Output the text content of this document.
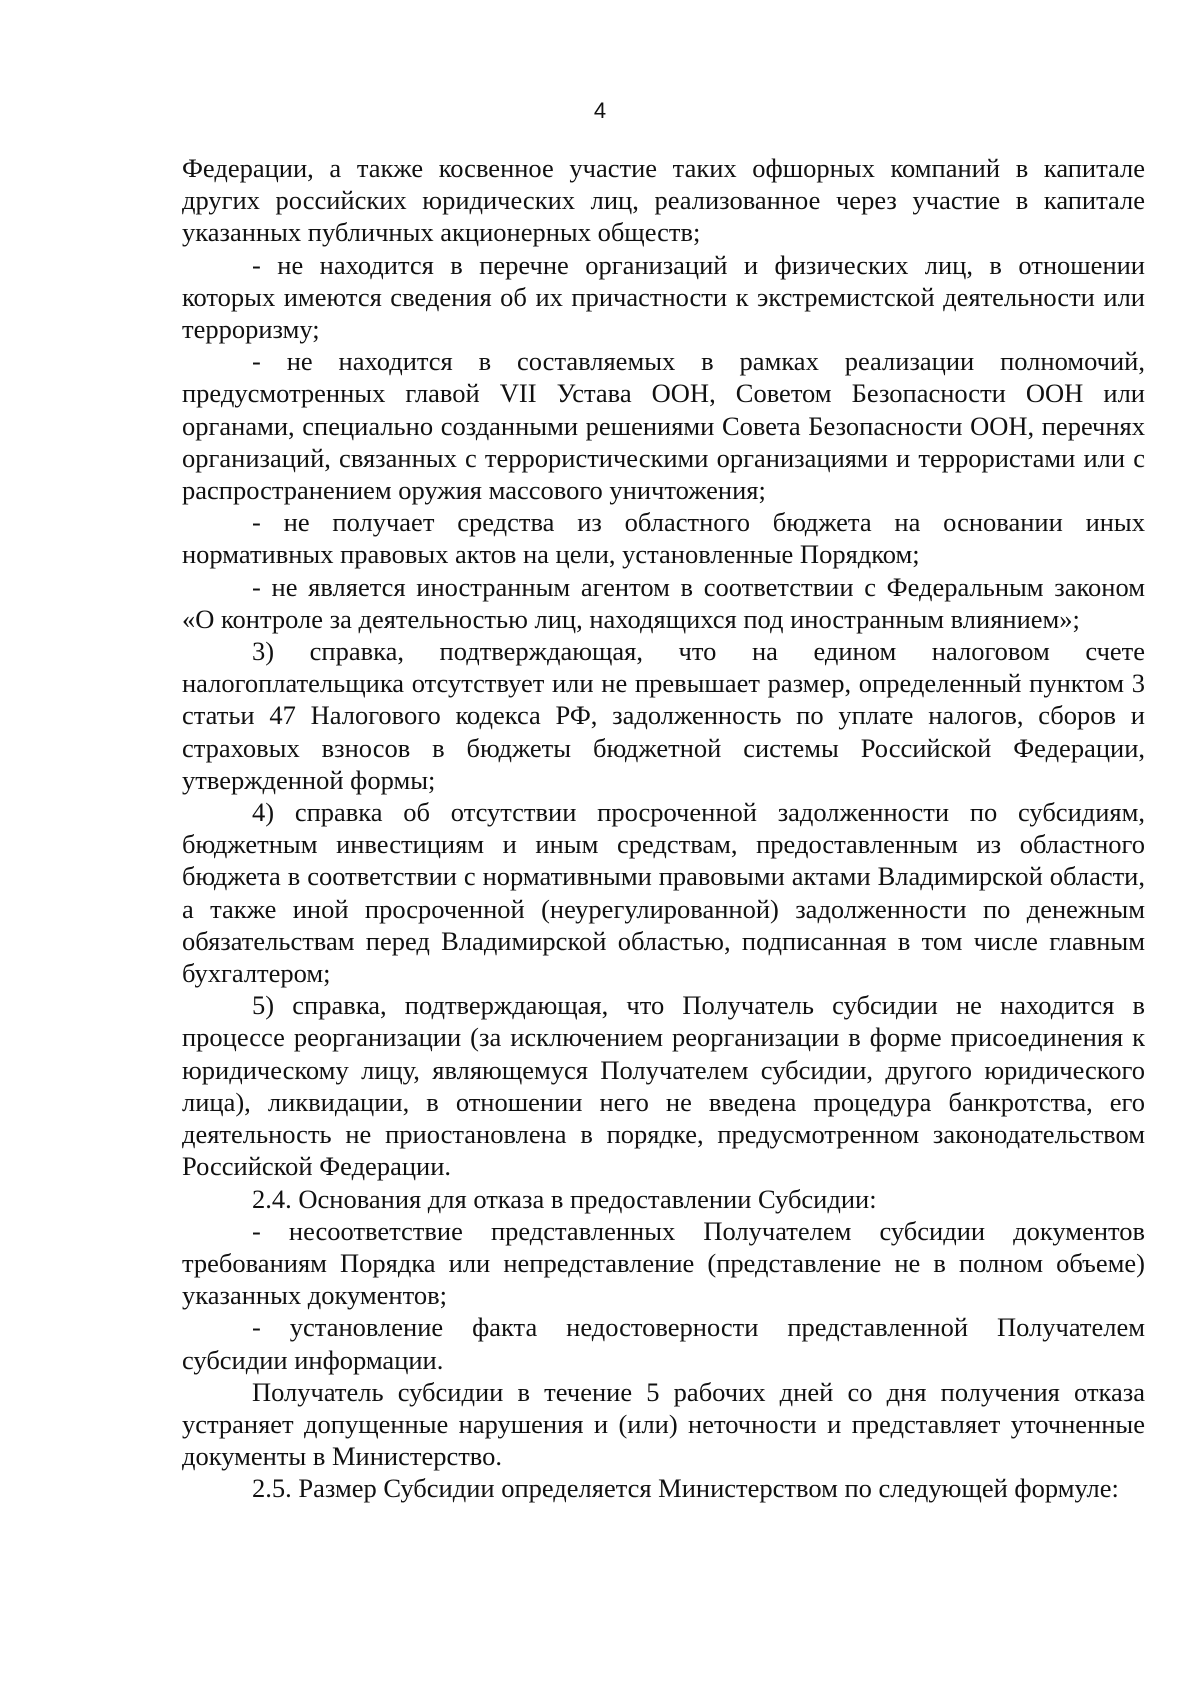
4

Федерации, а также косвенное участие таких офшорных компаний в капитале других российских юридических лиц, реализованное через участие в капитале указанных публичных акционерных обществ;

- не находится в перечне организаций и физических лиц, в отношении которых имеются сведения об их причастности к экстремистской деятельности или терроризму;

- не находится в составляемых в рамках реализации полномочий, предусмотренных главой VII Устава ООН, Советом Безопасности ООН или органами, специально созданными решениями Совета Безопасности ООН, перечнях организаций, связанных с террористическими организациями и террористами или с распространением оружия массового уничтожения;

- не получает средства из областного бюджета на основании иных нормативных правовых актов на цели, установленные Порядком;

- не является иностранным агентом в соответствии с Федеральным законом «О контроле за деятельностью лиц, находящихся под иностранным влиянием»;

3) справка, подтверждающая, что на едином налоговом счете налогоплательщика отсутствует или не превышает размер, определенный пунктом 3 статьи 47 Налогового кодекса РФ, задолженность по уплате налогов, сборов и страховых взносов в бюджеты бюджетной системы Российской Федерации, утвержденной формы;

4) справка об отсутствии просроченной задолженности по субсидиям, бюджетным инвестициям и иным средствам, предоставленным из областного бюджета в соответствии с нормативными правовыми актами Владимирской области, а также иной просроченной (неурегулированной) задолженности по денежным обязательствам перед Владимирской областью, подписанная в том числе главным бухгалтером;

5) справка, подтверждающая, что Получатель субсидии не находится в процессе реорганизации (за исключением реорганизации в форме присоединения к юридическому лицу, являющемуся Получателем субсидии, другого юридического лица), ликвидации, в отношении него не введена процедура банкротства, его деятельность не приостановлена в порядке, предусмотренном законодательством Российской Федерации.

2.4. Основания для отказа в предоставлении Субсидии:

- несоответствие представленных Получателем субсидии документов требованиям Порядка или непредставление (представление не в полном объеме) указанных документов;

- установление факта недостоверности представленной Получателем субсидии информации.

Получатель субсидии в течение 5 рабочих дней со дня получения отказа устраняет допущенные нарушения и (или) неточности и представляет уточненные документы в Министерство.

2.5. Размер Субсидии определяется Министерством по следующей формуле:
